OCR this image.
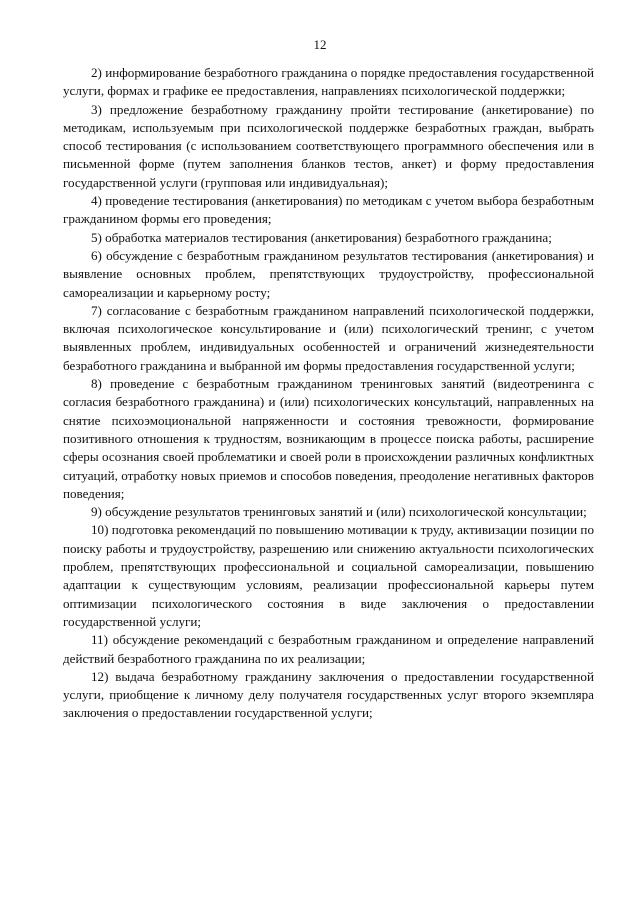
12

2) информирование безработного гражданина о порядке предоставления государственной услуги, формах и графике ее предоставления, направлениях психологической поддержки;

3) предложение безработному гражданину пройти тестирование (анкетирование) по методикам, используемым при психологической поддержке безработных граждан, выбрать способ тестирования (с использованием соответствующего программного обеспечения или в письменной форме (путем заполнения бланков тестов, анкет) и форму предоставления государственной услуги (групповая или индивидуальная);

4) проведение тестирования (анкетирования) по методикам с учетом выбора безработным гражданином формы его проведения;

5) обработка материалов тестирования (анкетирования) безработного гражданина;

6) обсуждение с безработным гражданином результатов тестирования (анкетирования) и выявление основных проблем, препятствующих трудоустройству, профессиональной самореализации и карьерному росту;

7) согласование с безработным гражданином направлений психологической поддержки, включая психологическое консультирование и (или) психологический тренинг, с учетом выявленных проблем, индивидуальных особенностей и ограничений жизнедеятельности безработного гражданина и выбранной им формы предоставления государственной услуги;

8) проведение с безработным гражданином тренинговых занятий (видеотренинга с согласия безработного гражданина) и (или) психологических консультаций, направленных на снятие психоэмоциональной напряженности и состояния тревожности, формирование позитивного отношения к трудностям, возникающим в процессе поиска работы, расширение сферы осознания своей проблематики и своей роли в происхождении различных конфликтных ситуаций, отработку новых приемов и способов поведения, преодоление негативных факторов поведения;

9) обсуждение результатов тренинговых занятий и (или) психологической консультации;

10) подготовка рекомендаций по повышению мотивации к труду, активизации позиции по поиску работы и трудоустройству, разрешению или снижению актуальности психологических проблем, препятствующих профессиональной и социальной самореализации, повышению адаптации к существующим условиям, реализации профессиональной карьеры путем оптимизации психологического состояния в виде заключения о предоставлении государственной услуги;

11) обсуждение рекомендаций с безработным гражданином и определение направлений действий безработного гражданина по их реализации;

12) выдача безработному гражданину заключения о предоставлении государственной услуги, приобщение к личному делу получателя государственных услуг второго экземпляра заключения о предоставлении государственной услуги;
